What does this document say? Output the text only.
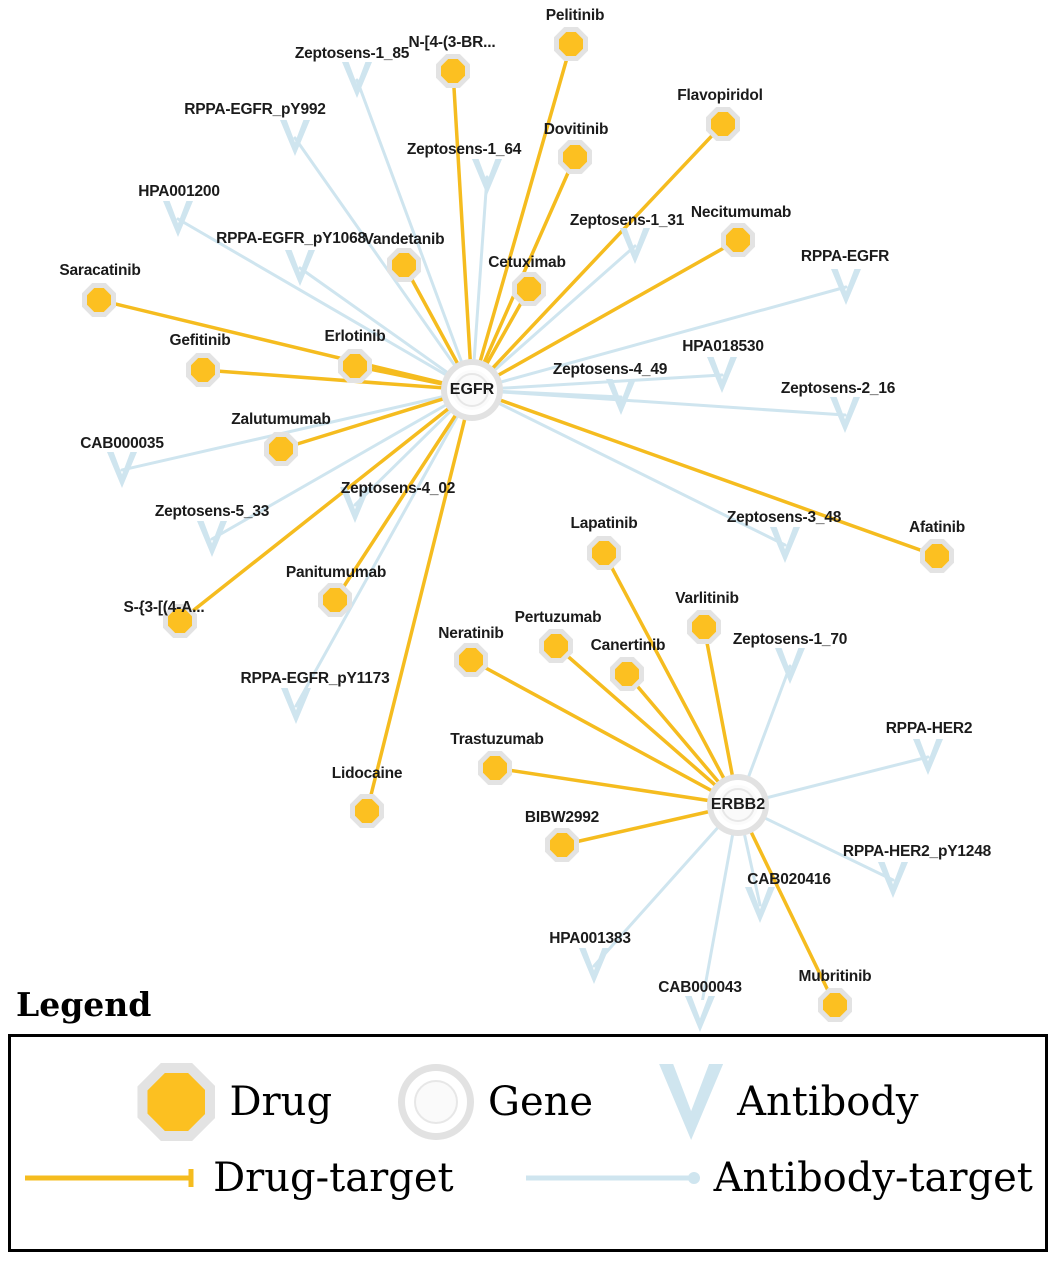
Zeptosens-1_85
RPPA-EGFR_pY992
Zeptosens-1_64
HPA001200
Zeptosens-1_31
RPPA-EGFR_pY1068
RPPA-EGFR
HPA018530
Zeptosens-4_49
Zeptosens-2_16
CAB000035
Zeptosens-4_02
Zeptosens-5_33	Zeptosens-3_48
Zeptosens-1_70
RPPA-EGFR_pY1173
RPPA-HER2
RPPA-HER2_pY1248
CAB020416
HPA001383
CAB000043
Pelitinib
N-[4-(3-BR...
Flavopiridol
Dovitinib
Necitumumab
Vandetanib
Cetuximab
Saracatinib
Gefitinib	Erlotinib
Zalutumumab
Afatinib
Lapatinib
Varlitinib
Panitumumab
S-{3-[(4-A...
Pertuzumab
Neratinib
Canertinib
Trastuzumab
Lidocaine
BIBW2992
Mubritinib
EGFR
ERBB2
Legend
Drug	Gene	Antibody
Drug-target	Antibody-target
